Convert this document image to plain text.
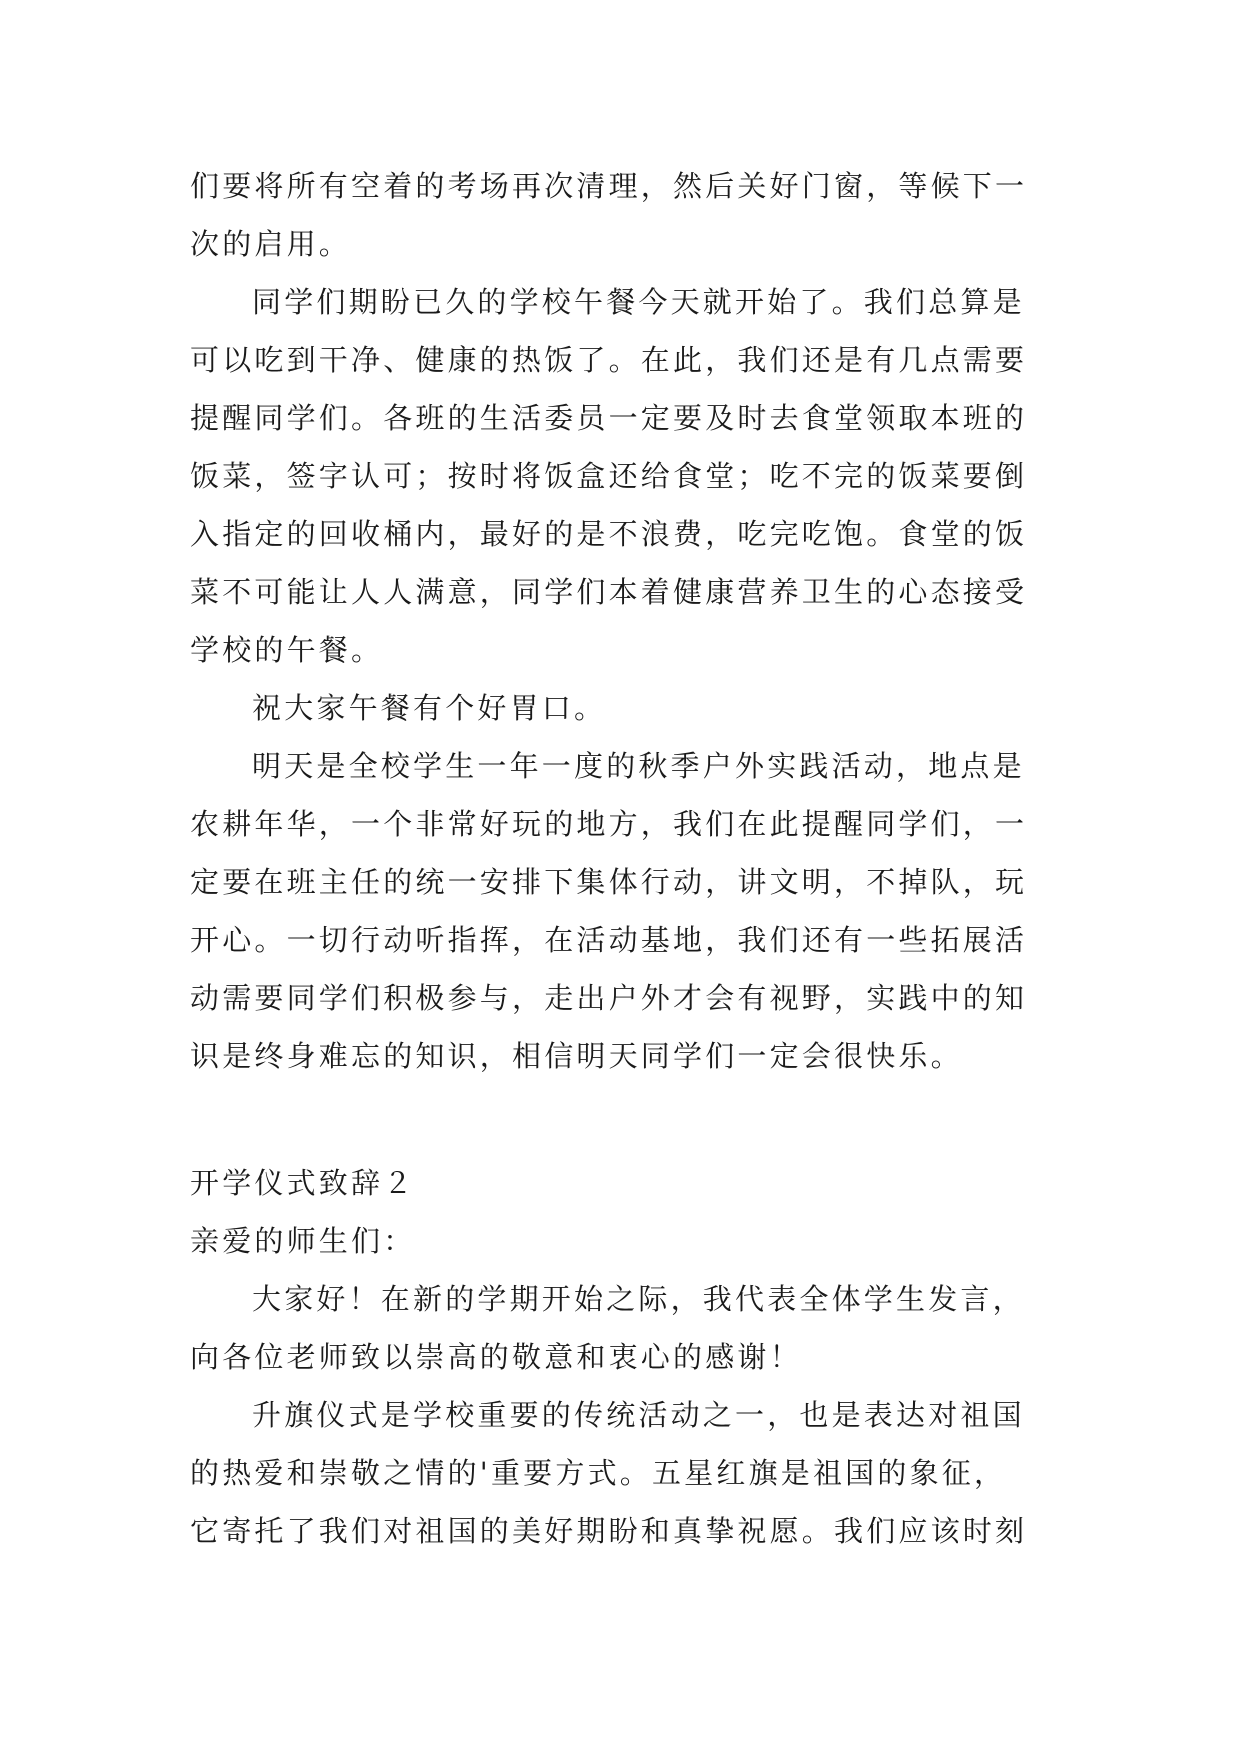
们要将所有空着的考场再次清理，然后关好门窗，等候下一
次的启用。
同学们期盼已久的学校午餐今天就开始了。我们总算是
可以吃到干净、健康的热饭了。在此，我们还是有几点需要
提醒同学们。各班的生活委员一定要及时去食堂领取本班的
饭菜，签字认可；按时将饭盒还给食堂；吃不完的饭菜要倒
入指定的回收桶内，最好的是不浪费，吃完吃饱。食堂的饭
菜不可能让人人满意，同学们本着健康营养卫生的心态接受
学校的午餐。
祝大家午餐有个好胃口。
明天是全校学生一年一度的秋季户外实践活动，地点是
农耕年华，一个非常好玩的地方，我们在此提醒同学们，一
定要在班主任的统一安排下集体行动，讲文明，不掉队，玩
开心。一切行动听指挥，在活动基地，我们还有一些拓展活
动需要同学们积极参与，走出户外才会有视野，实践中的知
识是终身难忘的知识，相信明天同学们一定会很快乐。
开学仪式致辞２
亲爱的师生们：
大家好！在新的学期开始之际，我代表全体学生发言，
向各位老师致以崇高的敬意和衷心的感谢！
升旗仪式是学校重要的传统活动之一，也是表达对祖国
的热爱和崇敬之情的'重要方式。五星红旗是祖国的象征，
它寄托了我们对祖国的美好期盼和真挚祝愿。我们应该时刻
